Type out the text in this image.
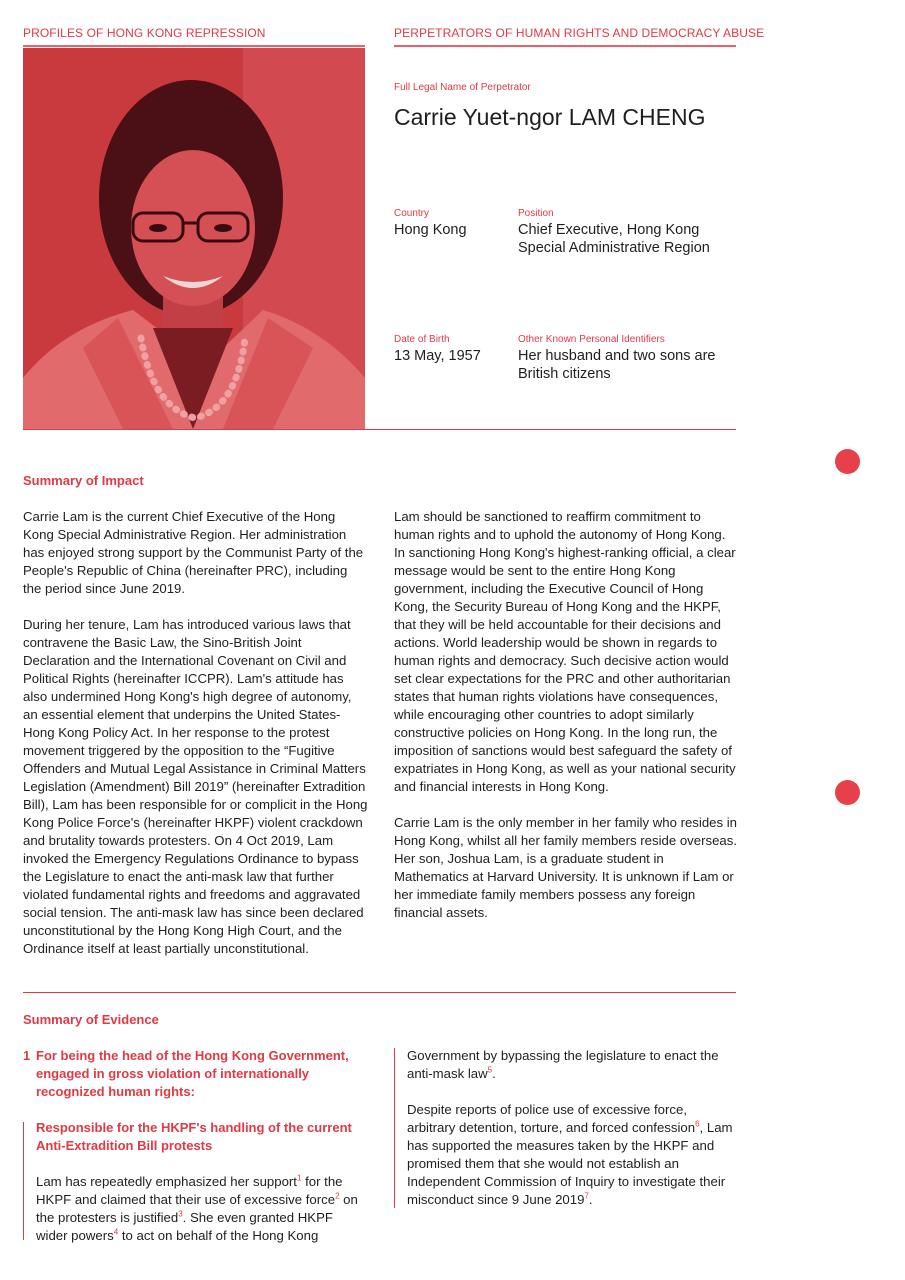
PROFILES OF HONG KONG REPRESSION	PERPETRATORS OF HUMAN RIGHTS AND DEMOCRACY ABUSE
Full Legal Name of Perpetrator
Carrie Yuet-ngor LAM CHENG
Country
Hong Kong
Position
Chief Executive, Hong Kong
Special Administrative Region
Date of Birth
13 May, 1957
Other Known Personal Identifiers
Her husband and two sons are
British citizens
Summary of Impact

Carrie Lam is the current Chief Executive of the Hong Kong Special Administrative Region. Her administration has enjoyed strong support by the Communist Party of the People's Republic of China (hereinafter PRC), including the period since June 2019.

During her tenure, Lam has introduced various laws that contravene the Basic Law, the Sino-British Joint Declaration and the International Covenant on Civil and Political Rights (hereinafter ICCPR). Lam's attitude has also undermined Hong Kong's high degree of autonomy, an essential element that underpins the United States-Hong Kong Policy Act. In her response to the protest movement triggered by the opposition to the “Fugitive Offenders and Mutual Legal Assistance in Criminal Matters Legislation (Amendment) Bill 2019” (hereinafter Extradition Bill), Lam has been responsible for or complicit in the Hong Kong Police Force's (hereinafter HKPF) violent crackdown and brutality towards protesters. On 4 Oct 2019, Lam invoked the Emergency Regulations Ordinance to bypass the Legislature to enact the anti-mask law that further violated fundamental rights and freedoms and aggravated social tension. The anti-mask law has since been declared unconstitutional by the Hong Kong High Court, and the Ordinance itself at least partially unconstitutional.

Lam should be sanctioned to reaffirm commitment to human rights and to uphold the autonomy of Hong Kong. In sanctioning Hong Kong's highest-ranking official, a clear message would be sent to the entire Hong Kong government, including the Executive Council of Hong Kong, the Security Bureau of Hong Kong and the HKPF, that they will be held accountable for their decisions and actions. World leadership would be shown in regards to human rights and democracy. Such decisive action would set clear expectations for the PRC and other authoritarian states that human rights violations have consequences, while encouraging other countries to adopt similarly constructive policies on Hong Kong. In the long run, the imposition of sanctions would best safeguard the safety of expatriates in Hong Kong, as well as your national security and financial interests in Hong Kong.

Carrie Lam is the only member in her family who resides in Hong Kong, whilst all her family members reside overseas. Her son, Joshua Lam, is a graduate student in Mathematics at Harvard University. It is unknown if Lam or her immediate family members possess any foreign financial assets.

Summary of Evidence
1 For being the head of the Hong Kong Government, engaged in gross violation of internationally recognized human rights:
Responsible for the HKPF's handling of the current Anti-Extradition Bill protests
Lam has repeatedly emphasized her support$^1$ for the HKPF and claimed that their use of excessive force$^2$ on the protesters is justified$^3$. She even granted HKPF wider powers$^4$ to act on behalf of the Hong Kong

Government by bypassing the legislature to enact the anti-mask law$^5$.

Despite reports of police use of excessive force, arbitrary detention, torture, and forced confession$^6$, Lam has supported the measures taken by the HKPF and promised them that she would not establish an Independent Commission of Inquiry to investigate their misconduct since 9 June 2019$^7$.
